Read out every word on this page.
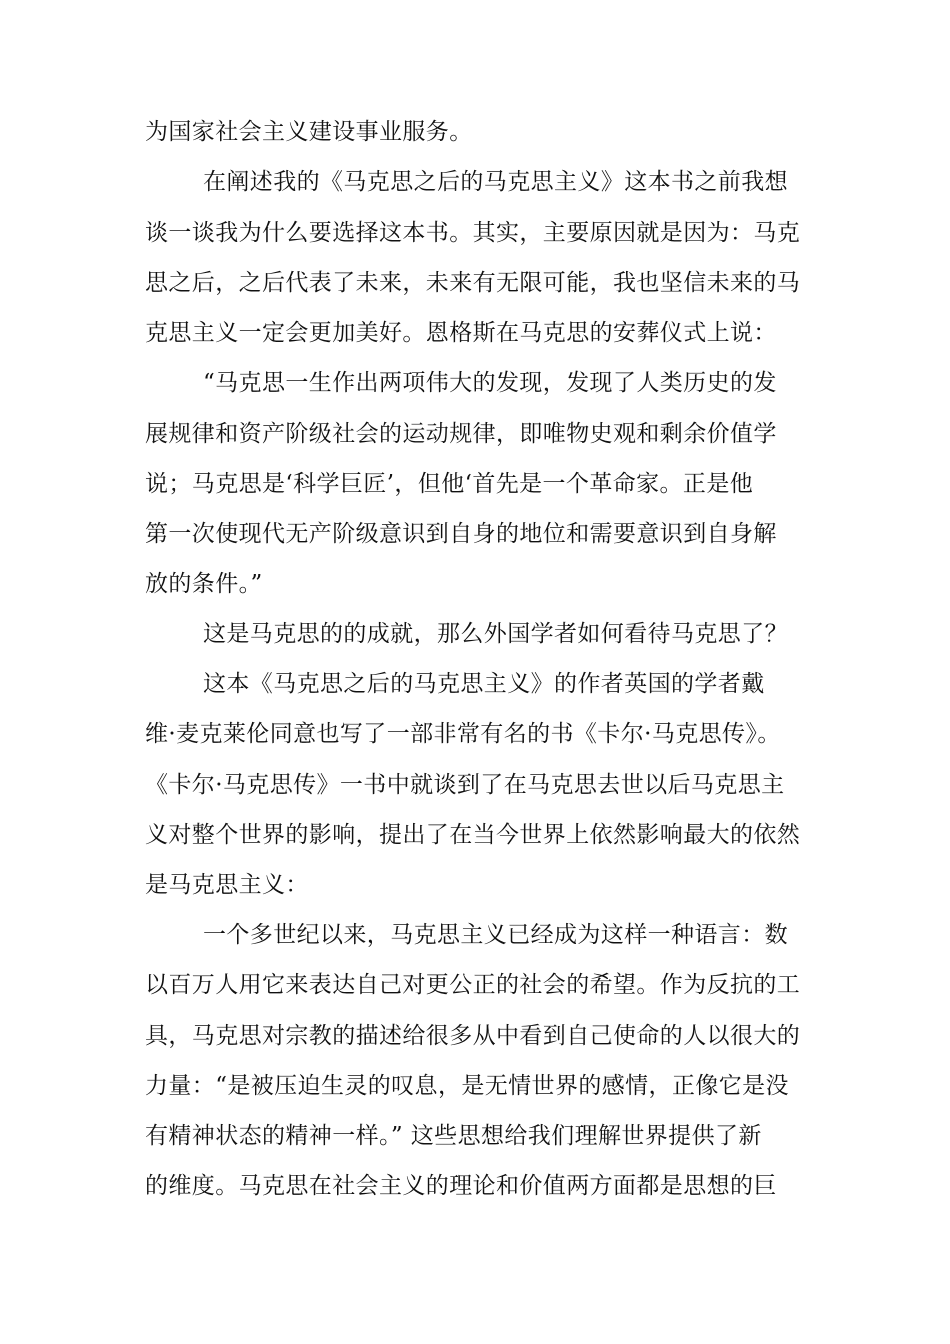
为国家社会主义建设事业服务。
在阐述我的《马克思之后的马克思主义》这本书之前我想
谈一谈我为什么要选择这本书。其实，主要原因就是因为：马克
思之后，之后代表了未来，未来有无限可能，我也坚信未来的马
克思主义一定会更加美好。恩格斯在马克思的安葬仪式上说：
“马克思一生作出两项伟大的发现，发现了人类历史的发
展规律和资产阶级社会的运动规律，即唯物史观和剩余价值学
说；马克思是‘科学巨匠’，但他‘首先是一个革命家。正是他
第一次使现代无产阶级意识到自身的地位和需要意识到自身解
放的条件。”
这是马克思的的成就，那么外国学者如何看待马克思了？
这本《马克思之后的马克思主义》的作者英国的学者戴
维·麦克莱伦同意也写了一部非常有名的书《卡尔·马克思传》。
《卡尔·马克思传》一书中就谈到了在马克思去世以后马克思主
义对整个世界的影响，提出了在当今世界上依然影响最大的依然
是马克思主义：
一个多世纪以来，马克思主义已经成为这样一种语言：数
以百万人用它来表达自己对更公正的社会的希望。作为反抗的工
具，马克思对宗教的描述给很多从中看到自己使命的人以很大的
力量：“是被压迫生灵的叹息，是无情世界的感情，正像它是没
有精神状态的精神一样。” 这些思想给我们理解世界提供了新
的维度。马克思在社会主义的理论和价值两方面都是思想的巨
